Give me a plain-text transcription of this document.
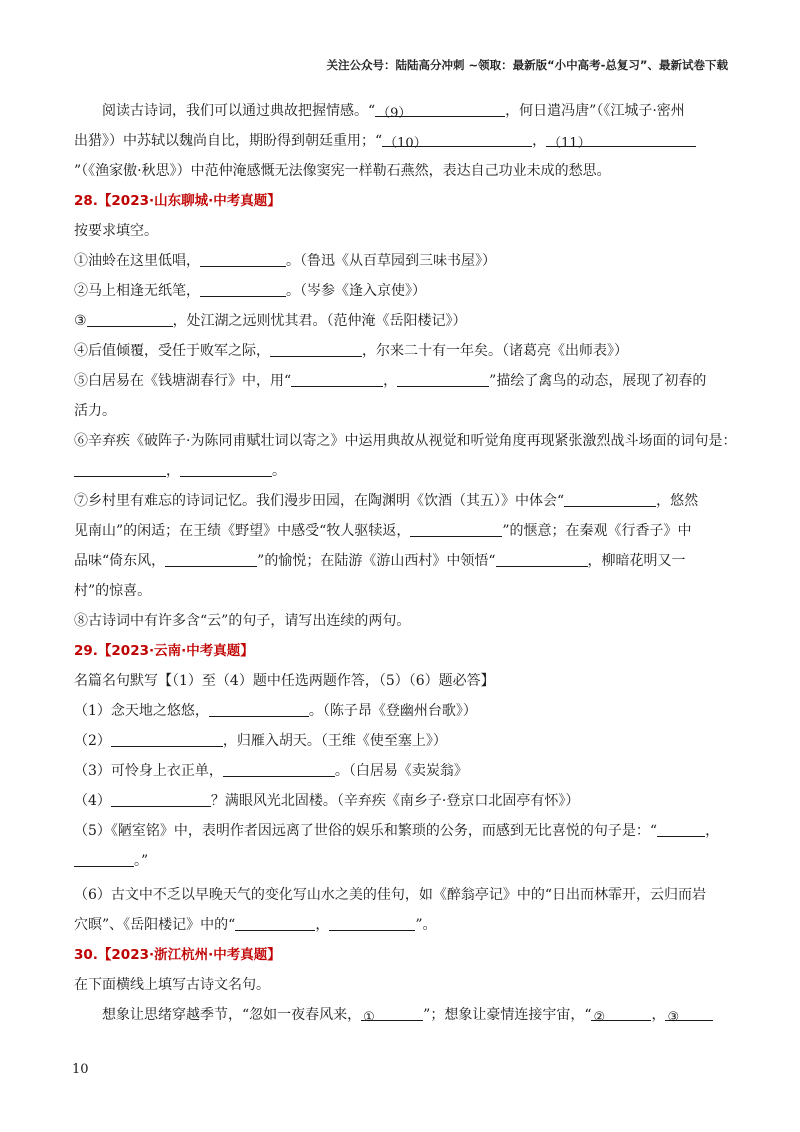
关注公众号：陆陆高分冲刺 ~领取：最新版“小中高考-总复习”、最新试卷下载
阅读古诗词，我们可以通过典故把握情感。“ （9）	，何日遣冯唐”（《江城子·密州
出猎》）中苏轼以魏尚自比，期盼得到朝廷重用；“ （10）	， （11）
”（《渔家傲·秋思》）中范仲淹感慨无法像窦宪一样勒石燕然，表达自己功业未成的愁思。
28.【2023·山东聊城·中考真题】
按要求填空。
①油蛉在这里低唱，	。（鲁迅《从百草园到三味书屋》）
②马上相逢无纸笔，	。（岑参《逢入京使》）
③	，处江湖之远则忧其君。（范仲淹《岳阳楼记》）
④后值倾覆，受任于败军之际，	，尔来二十有一年矣。（诸葛亮《出师表》）
⑤白居易在《钱塘湖春行》中，用“	，	”描绘了禽鸟的动态，展现了初春的
活力。
⑥辛弃疾《破阵子·为陈同甫赋壮词以寄之》中运用典故从视觉和听觉角度再现紧张激烈战斗场面的词句是：
，	。
⑦乡村里有难忘的诗词记忆。我们漫步田园，在陶渊明《饮酒（其五）》中体会“	，悠然
见南山”的闲适；在王绩《野望》中感受“牧人驱犊返，	”的惬意；在秦观《行香子》中
品味“倚东风，	”的愉悦；在陆游《游山西村》中领悟“	，柳暗花明又一
村”的惊喜。
⑧古诗词中有许多含“云”的句子，请写出连续的两句。
29.【2023·云南·中考真题】
名篇名句默写【（1）至（4）题中任选两题作答，（5）（6）题必答】
（1）念天地之悠悠，	。（陈子昂《登幽州台歌》）
（2）	，归雁入胡天。（王维《使至塞上》）
（3）可怜身上衣正单，	。（白居易《卖炭翁》
（4）	？满眼风光北固楼。（辛弃疾《南乡子·登京口北固亭有怀》）
（5）《陋室铭》中，表明作者因远离了世俗的娱乐和繁琐的公务，而感到无比喜悦的句子是：“	，
。”
（6）古文中不乏以早晚天气的变化写山水之美的佳句，如《醉翁亭记》中的“日出而林霏开，云归而岩
穴暝”、《岳阳楼记》中的“	，	”。
30.【2023·浙江杭州·中考真题】
在下面横线上填写古诗文名句。
想象让思绪穿越季节，“忽如一夜春风来， ①	”；想象让豪情连接宇宙，“ ②	， ③
10
